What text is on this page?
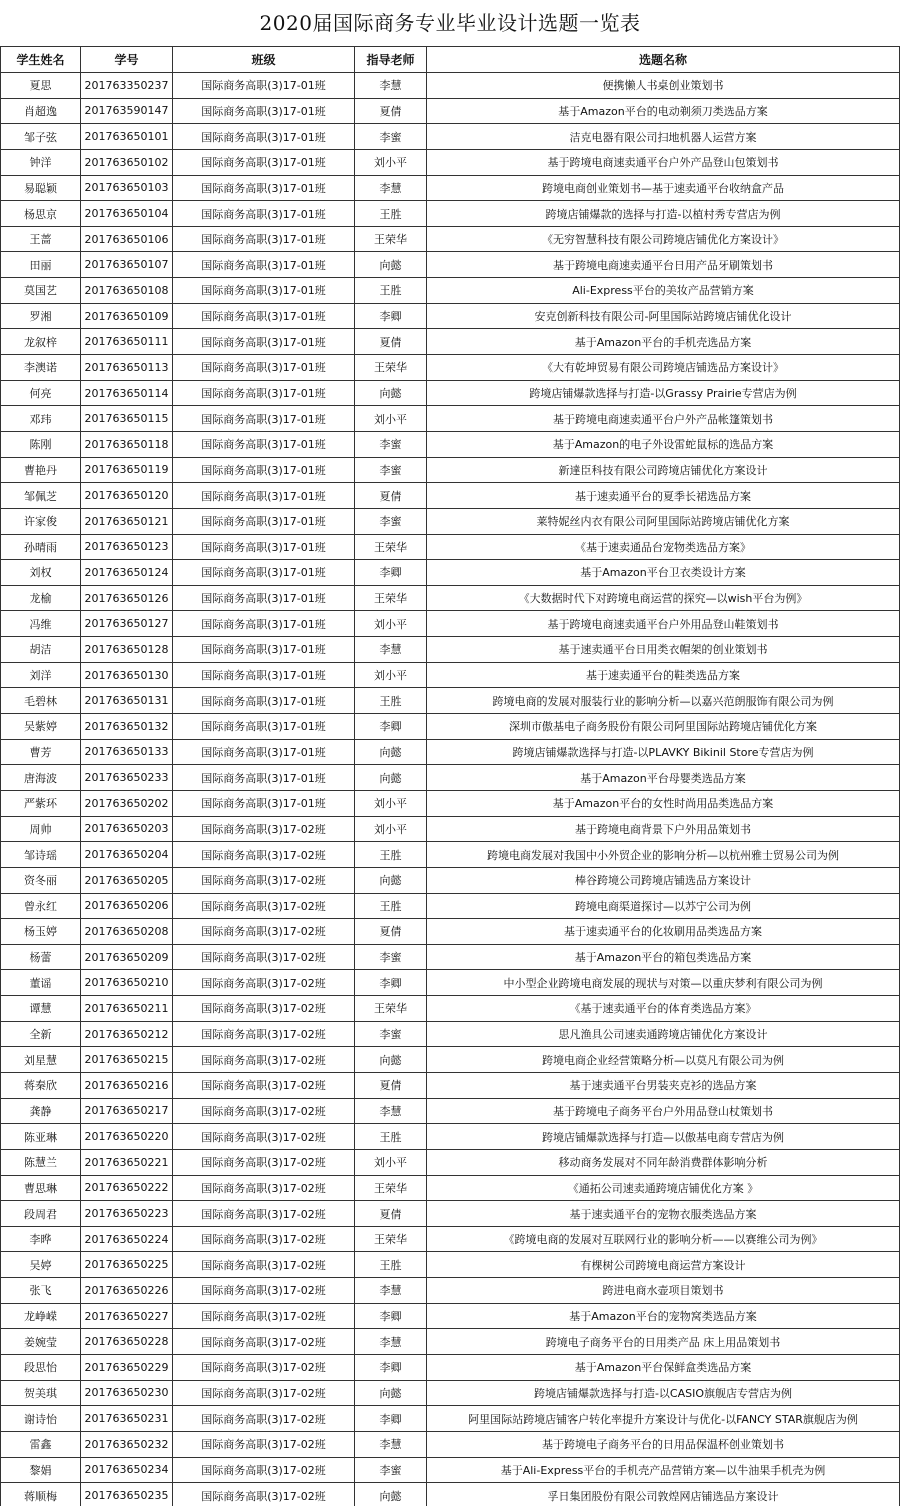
2020届国际商务专业毕业设计选题一览表
学生姓名	学号	班级	指导老师	选题名称
夏思	201763350237	国际商务高职(3)17-01班	李慧	便携懒人书桌创业策划书
肖超逸	201763590147	国际商务高职(3)17-01班	夏倩	基于Amazon平台的电动剃须刀类选品方案
邹子弦	201763650101	国际商务高职(3)17-01班	李蜜	洁克电器有限公司扫地机器人运营方案
钟洋	201763650102	国际商务高职(3)17-01班	刘小平	基于跨境电商速卖通平台户外产品登山包策划书
易聪颖	201763650103	国际商务高职(3)17-01班	李慧	跨境电商创业策划书—基于速卖通平台收纳盒产品
杨思京	201763650104	国际商务高职(3)17-01班	王胜	跨境店铺爆款的选择与打造-以植村秀专营店为例
王蔷	201763650106	国际商务高职(3)17-01班	王荣华	《无穷智慧科技有限公司跨境店铺优化方案设计》
田丽	201763650107	国际商务高职(3)17-01班	向懿	基于跨境电商速卖通平台日用产品牙刷策划书
莫国艺	201763650108	国际商务高职(3)17-01班	王胜	Ali-Express平台的美妆产品营销方案
罗湘	201763650109	国际商务高职(3)17-01班	李卿	安克创新科技有限公司-阿里国际站跨境店铺优化设计
龙叙梓	201763650111	国际商务高职(3)17-01班	夏倩	基于Amazon平台的手机壳选品方案
李澳诺	201763650113	国际商务高职(3)17-01班	王荣华	《大有乾坤贸易有限公司跨境店铺选品方案设计》
何亮	201763650114	国际商务高职(3)17-01班	向懿	跨境店铺爆款选择与打造-以Grassy Prairie专营店为例
邓玮	201763650115	国际商务高职(3)17-01班	刘小平	基于跨境电商速卖通平台户外产品帐篷策划书
陈刚	201763650118	国际商务高职(3)17-01班	李蜜	基于Amazon的电子外设雷蛇鼠标的选品方案
曹艳丹	201763650119	国际商务高职(3)17-01班	李蜜	新達臣科技有限公司跨境店铺优化方案设计
邹佩芝	201763650120	国际商务高职(3)17-01班	夏倩	基于速卖通平台的夏季长裙选品方案
许家俊	201763650121	国际商务高职(3)17-01班	李蜜	莱特妮丝内衣有限公司阿里国际站跨境店铺优化方案
孙晴雨	201763650123	国际商务高职(3)17-01班	王荣华	《基于速卖通品台宠物类选品方案》
刘权	201763650124	国际商务高职(3)17-01班	李卿	基于Amazon平台卫衣类设计方案
龙榆	201763650126	国际商务高职(3)17-01班	王荣华	《大数据时代下对跨境电商运营的探究—以wish平台为例》
冯维	201763650127	国际商务高职(3)17-01班	刘小平	基于跨境电商速卖通平台户外用品登山鞋策划书
胡洁	201763650128	国际商务高职(3)17-01班	李慧	基于速卖通平台日用类衣帽架的创业策划书
刘洋	201763650130	国际商务高职(3)17-01班	刘小平	基于速卖通平台的鞋类选品方案
毛碧林	201763650131	国际商务高职(3)17-01班	王胜	跨境电商的发展对服装行业的影响分析—以嘉兴范朗服饰有限公司为例
吴紫婷	201763650132	国际商务高职(3)17-01班	李卿	深圳市傲基电子商务股份有限公司阿里国际站跨境店铺优化方案
曹芳	201763650133	国际商务高职(3)17-01班	向懿	跨境店铺爆款选择与打造-以PLAVKY Bikinil Store专营店为例
唐海波	201763650233	国际商务高职(3)17-01班	向懿	基于Amazon平台母婴类选品方案
严紫环	201763650202	国际商务高职(3)17-01班	刘小平	基于Amazon平台的女性时尚用品类选品方案
周帅	201763650203	国际商务高职(3)17-02班	刘小平	基于跨境电商背景下户外用品策划书
邹诗瑶	201763650204	国际商务高职(3)17-02班	王胜	跨境电商发展对我国中小外贸企业的影响分析—以杭州雅士贸易公司为例
资冬丽	201763650205	国际商务高职(3)17-02班	向懿	棒谷跨境公司跨境店铺选品方案设计
曾永红	201763650206	国际商务高职(3)17-02班	王胜	跨境电商渠道探讨—以苏宁公司为例
杨玉婷	201763650208	国际商务高职(3)17-02班	夏倩	基于速卖通平台的化妆刷用品类选品方案
杨蕾	201763650209	国际商务高职(3)17-02班	李蜜	基于Amazon平台的箱包类选品方案
董谣	201763650210	国际商务高职(3)17-02班	李卿	中小型企业跨境电商发展的现状与对策—以重庆梦利有限公司为例
谭慧	201763650211	国际商务高职(3)17-02班	王荣华	《基于速卖通平台的体育类选品方案》
全新	201763650212	国际商务高职(3)17-02班	李蜜	思凡渔具公司速卖通跨境店铺优化方案设计
刘星慧	201763650215	国际商务高职(3)17-02班	向懿	跨境电商企业经营策略分析—以莫凡有限公司为例
蒋秦欣	201763650216	国际商务高职(3)17-02班	夏倩	基于速卖通平台男装夹克衫的选品方案
龚静	201763650217	国际商务高职(3)17-02班	李慧	基于跨境电子商务平台户外用品登山杖策划书
陈亚琳	201763650220	国际商务高职(3)17-02班	王胜	跨境店铺爆款选择与打造—以傲基电商专营店为例
陈慧兰	201763650221	国际商务高职(3)17-02班	刘小平	移动商务发展对不同年龄消费群体影响分析
曹思琳	201763650222	国际商务高职(3)17-02班	王荣华	《通拓公司速卖通跨境店铺优化方案 》
段周君	201763650223	国际商务高职(3)17-02班	夏倩	基于速卖通平台的宠物衣服类选品方案
李晔	201763650224	国际商务高职(3)17-02班	王荣华	《跨境电商的发展对互联网行业的影响分析——以赛维公司为例》
吴婷	201763650225	国际商务高职(3)17-02班	王胜	有棵树公司跨境电商运营方案设计
张飞	201763650226	国际商务高职(3)17-02班	李慧	跨进电商水壶项目策划书
龙峥嵘	201763650227	国际商务高职(3)17-02班	李卿	基于Amazon平台的宠物窝类选品方案
姜婉莹	201763650228	国际商务高职(3)17-02班	李慧	跨境电子商务平台的日用类产品 床上用品策划书
段思怡	201763650229	国际商务高职(3)17-02班	李卿	基于Amazon平台保鲜盒类选品方案
贺美琪	201763650230	国际商务高职(3)17-02班	向懿	跨境店铺爆款选择与打造-以CASIO旗舰店专营店为例
谢诗怡	201763650231	国际商务高职(3)17-02班	李卿	阿里国际站跨境店铺客户转化率提升方案设计与优化-以FANCY STAR旗舰店为例
雷鑫	201763650232	国际商务高职(3)17-02班	李慧	基于跨境电子商务平台的日用品保温杯创业策划书
黎娟	201763650234	国际商务高职(3)17-02班	李蜜	基于Ali-Express平台的手机壳产品营销方案—以牛油果手机壳为例
蒋顺梅	201763650235	国际商务高职(3)17-02班	向懿	孚日集团股份有限公司敦煌网店铺选品方案设计
